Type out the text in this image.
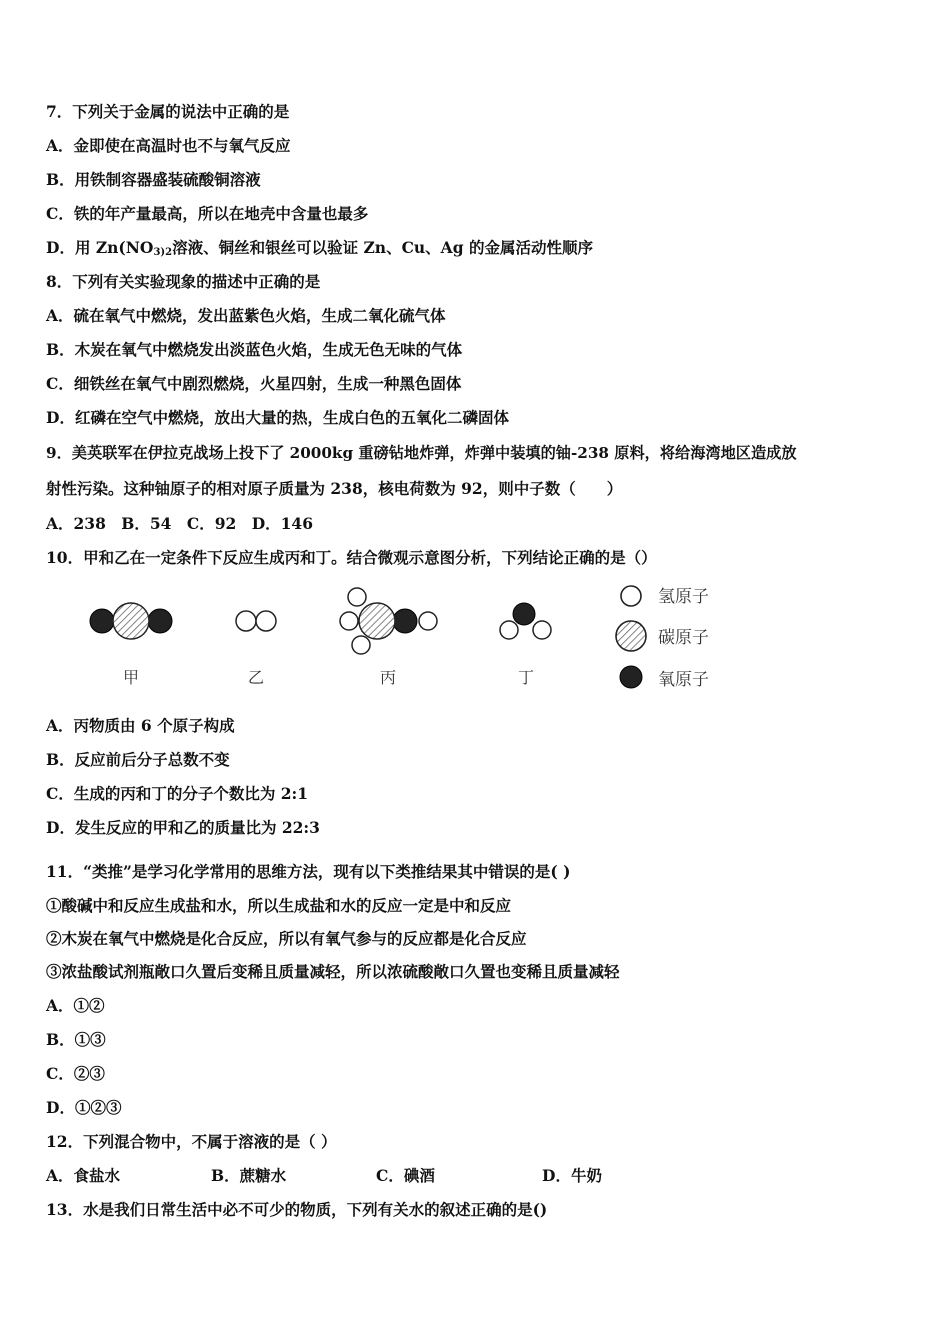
7．下列关于金属的说法中正确的是
A．金即使在高温时也不与氧气反应
B．用铁制容器盛装硫酸铜溶液
C．铁的年产量最高，所以在地壳中含量也最多
D．用 $Zn(NO_{3)2}$溶液、铜丝和银丝可以验证 Zn、Cu、Ag 的金属活动性顺序
8．下列有关实验现象的描述中正确的是
A．硫在氧气中燃烧，发出蓝紫色火焰，生成二氧化硫气体
B．木炭在氧气中燃烧发出淡蓝色火焰，生成无色无味的气体
C．细铁丝在氧气中剧烈燃烧，火星四射，生成一种黑色固体
D．红磷在空气中燃烧，放出大量的热，生成白色的五氧化二磷固体
9．美英联军在伊拉克战场上投下了 2000kg 重磅钻地炸弹，炸弹中装填的铀-238 原料，将给海湾地区造成放
射性污染。这种铀原子的相对原子质量为 238，核电荷数为 92，则中子数（　　）
A．238 B．54 C．92 D．146
10．甲和乙在一定条件下反应生成丙和丁。结合微观示意图分析，下列结论正确的是（）
甲	乙	丙	丁
氢原子
碳原子
氧原子
A．丙物质由 6 个原子构成
B．反应前后分子总数不变
C．生成的丙和丁的分子个数比为 2:1
D．发生反应的甲和乙的质量比为 22:3
11．“类推”是学习化学常用的思维方法，现有以下类推结果其中错误的是( )
①酸碱中和反应生成盐和水，所以生成盐和水的反应一定是中和反应
②木炭在氧气中燃烧是化合反应，所以有氧气参与的反应都是化合反应
③浓盐酸试剂瓶敞口久置后变稀且质量减轻，所以浓硫酸敞口久置也变稀且质量减轻
A．①②
B．①③
C．②③
D．①②③
12．下列混合物中，不属于溶液的是（ ）
A．食盐水	B．蔗糖水	C．碘酒	D．牛奶
13．水是我们日常生活中必不可少的物质，下列有关水的叙述正确的是()
